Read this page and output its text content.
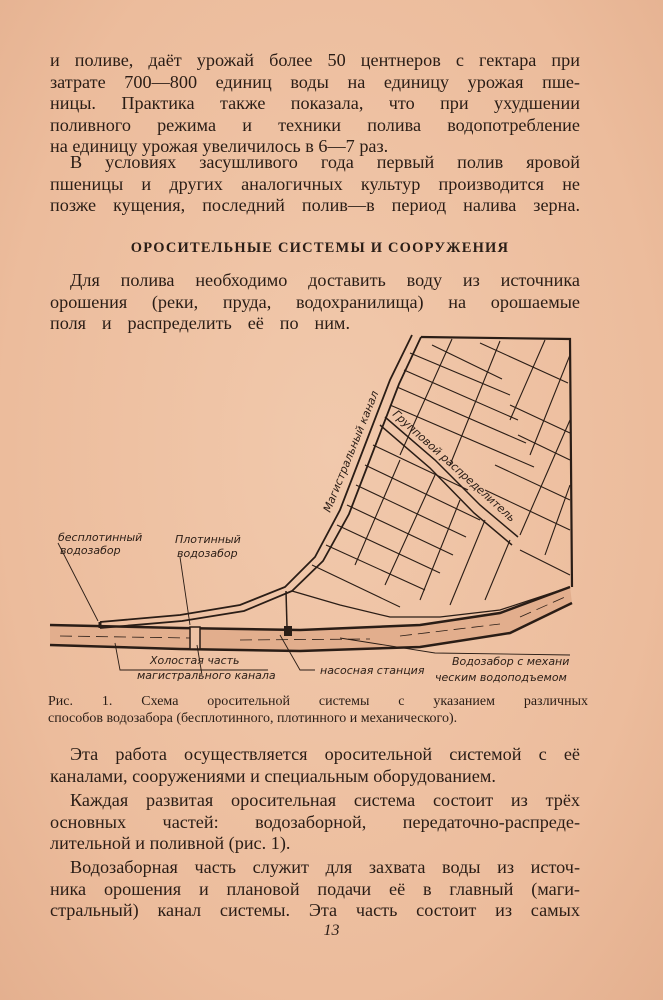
и поливе, даёт урожай более 50 центнеров с гектара при
затрате 700—800 единиц воды на единицу урожая пше-
ницы. Практика также показала, что при ухудшении
поливного режима и техники полива водопотребление
на единицу урожая увеличилось в 6—7 раз.

В условиях засушливого года первый полив яровой
пшеницы и других аналогичных культур производится не
позже кущения, последний полив—в период налива зерна.

ОРОСИТЕЛЬНЫЕ СИСТЕМЫ И СООРУЖЕНИЯ

Для полива необходимо доставить воду из источника
орошения (реки, пруда, водохранилища) на орошаемые
поля и распределить её по ним.

бесплотинный
водозабор
Плотинный
водозабор
Магистральный канал Групповой распределитель
Холостая часть
магистрального канала	насосная станция
Водозабор с механи
ческим водоподъемом

Рис. 1. Схема оросительной системы с указанием различных
способов водозабора (бесплотинного, плотинного и механического).

Эта работа осуществляется оросительной системой с её
каналами, сооружениями и специальным оборудованием.

Каждая развитая оросительная система состоит из трёх
основных частей: водозаборной, передаточно-распреде-
лительной и поливной (рис. 1).

Водозаборная часть служит для захвата воды из источ-
ника орошения и плановой подачи её в главный (маги-
стральный) канал системы. Эта часть состоит из самых

13
